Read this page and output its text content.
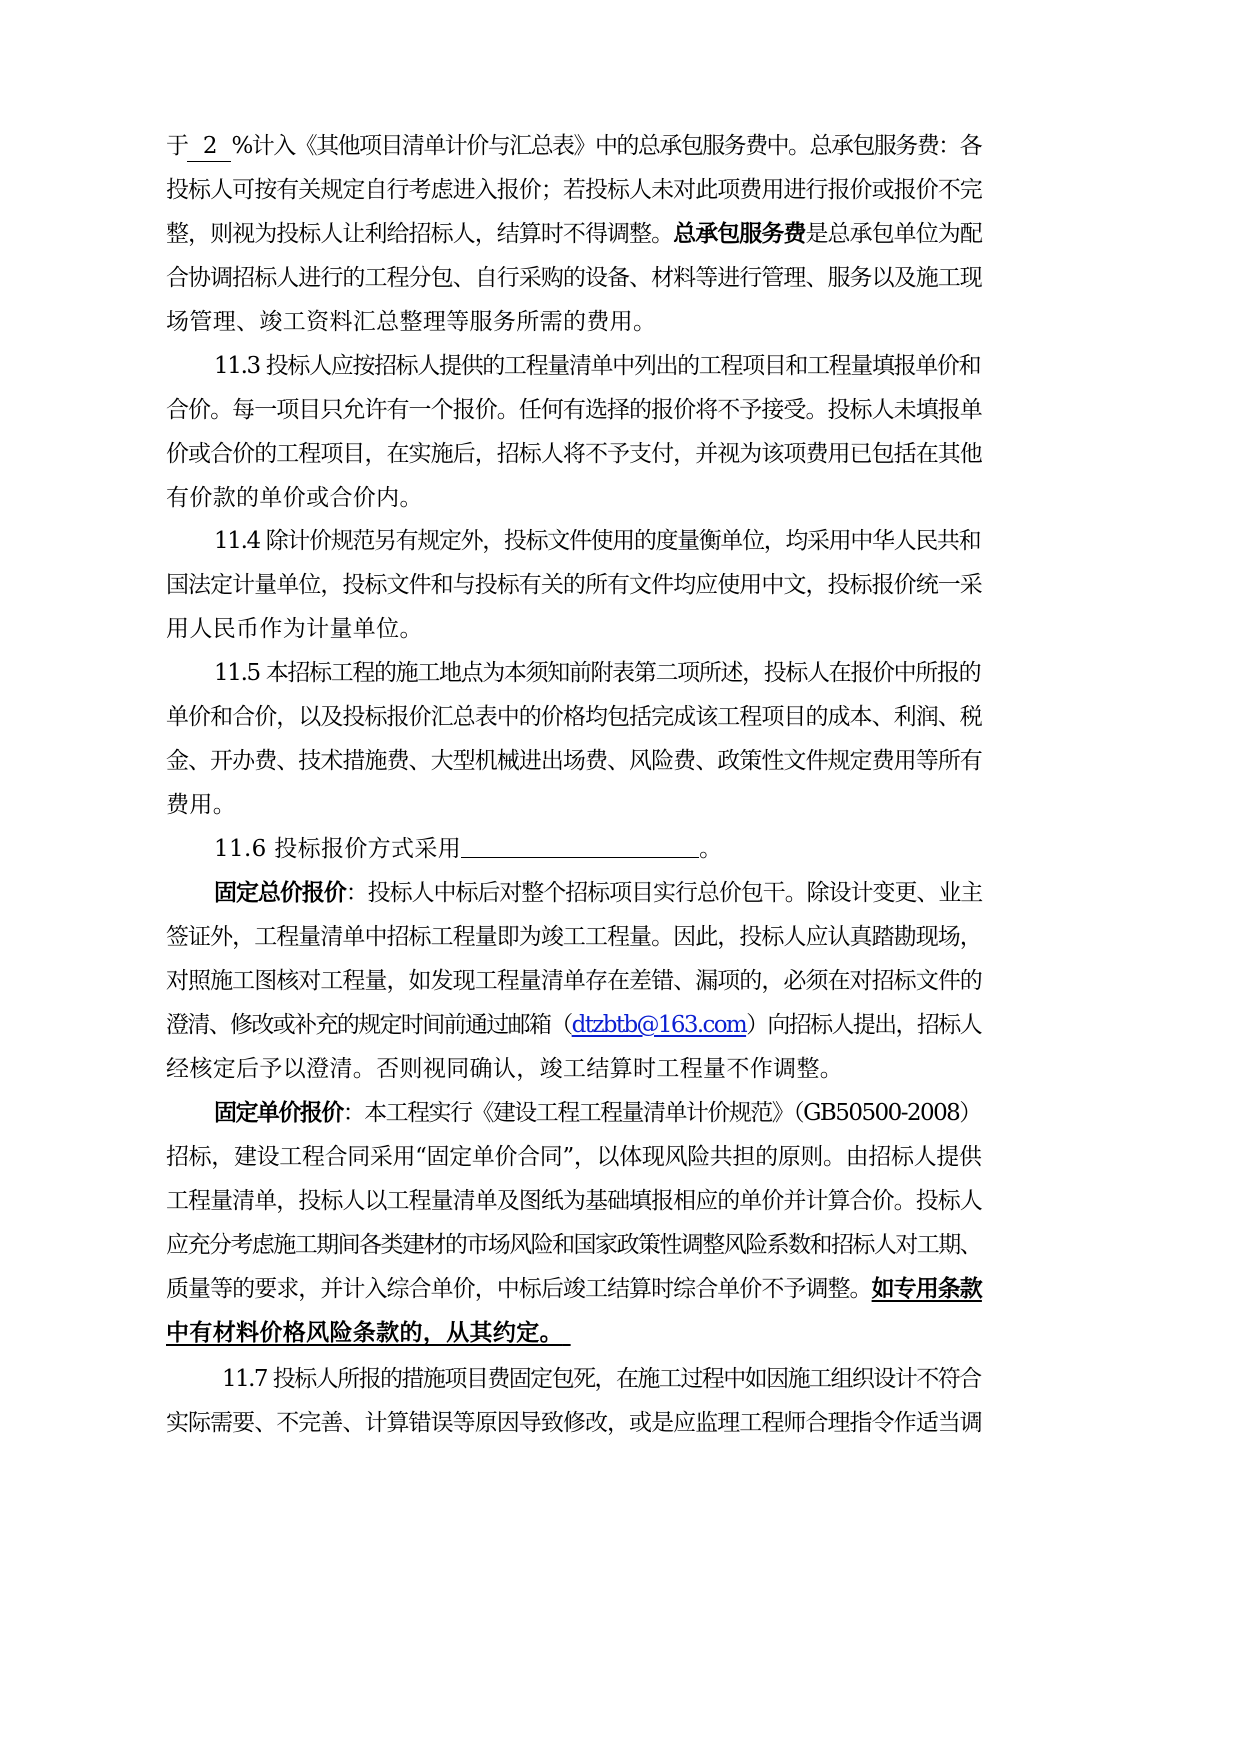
于 2 %计入《其他项目清单计价与汇总表》中的总承包服务费中。总承包服务费：各
投标人可按有关规定自行考虑进入报价；若投标人未对此项费用进行报价或报价不完
整，则视为投标人让利给招标人，结算时不得调整。总承包服务费是总承包单位为配
合协调招标人进行的工程分包、自行采购的设备、材料等进行管理、服务以及施工现
场管理、竣工资料汇总整理等服务所需的费用。
11.3 投标人应按招标人提供的工程量清单中列出的工程项目和工程量填报单价和
合价。每一项目只允许有一个报价。任何有选择的报价将不予接受。投标人未填报单
价或合价的工程项目，在实施后，招标人将不予支付，并视为该项费用已包括在其他
有价款的单价或合价内。
11.4 除计价规范另有规定外，投标文件使用的度量衡单位，均采用中华人民共和
国法定计量单位，投标文件和与投标有关的所有文件均应使用中文，投标报价统一采
用人民币作为计量单位。
11.5 本招标工程的施工地点为本须知前附表第二项所述，投标人在报价中所报的
单价和合价，以及投标报价汇总表中的价格均包括完成该工程项目的成本、利润、税
金、开办费、技术措施费、大型机械进出场费、风险费、政策性文件规定费用等所有
费用。
11.6 投标报价方式采用	。
固定总价报价：投标人中标后对整个招标项目实行总价包干。除设计变更、业主
签证外，工程量清单中招标工程量即为竣工工程量。因此，投标人应认真踏勘现场，
对照施工图核对工程量，如发现工程量清单存在差错、漏项的，必须在对招标文件的
澄清、修改或补充的规定时间前通过邮箱（dtzbtb@163.com）向招标人提出，招标人
经核定后予以澄清。否则视同确认，竣工结算时工程量不作调整。
固定单价报价：本工程实行《建设工程工程量清单计价规范》（GB50500-2008）
招标，建设工程合同采用“固定单价合同”，以体现风险共担的原则。由招标人提供
工程量清单，投标人以工程量清单及图纸为基础填报相应的单价并计算合价。投标人
应充分考虑施工期间各类建材的市场风险和国家政策性调整风险系数和招标人对工期、
质量等的要求，并计入综合单价，中标后竣工结算时综合单价不予调整。如专用条款
中有材料价格风险条款的，从其约定。
11.7 投标人所报的措施项目费固定包死，在施工过程中如因施工组织设计不符合
实际需要、不完善、计算错误等原因导致修改，或是应监理工程师合理指令作适当调
